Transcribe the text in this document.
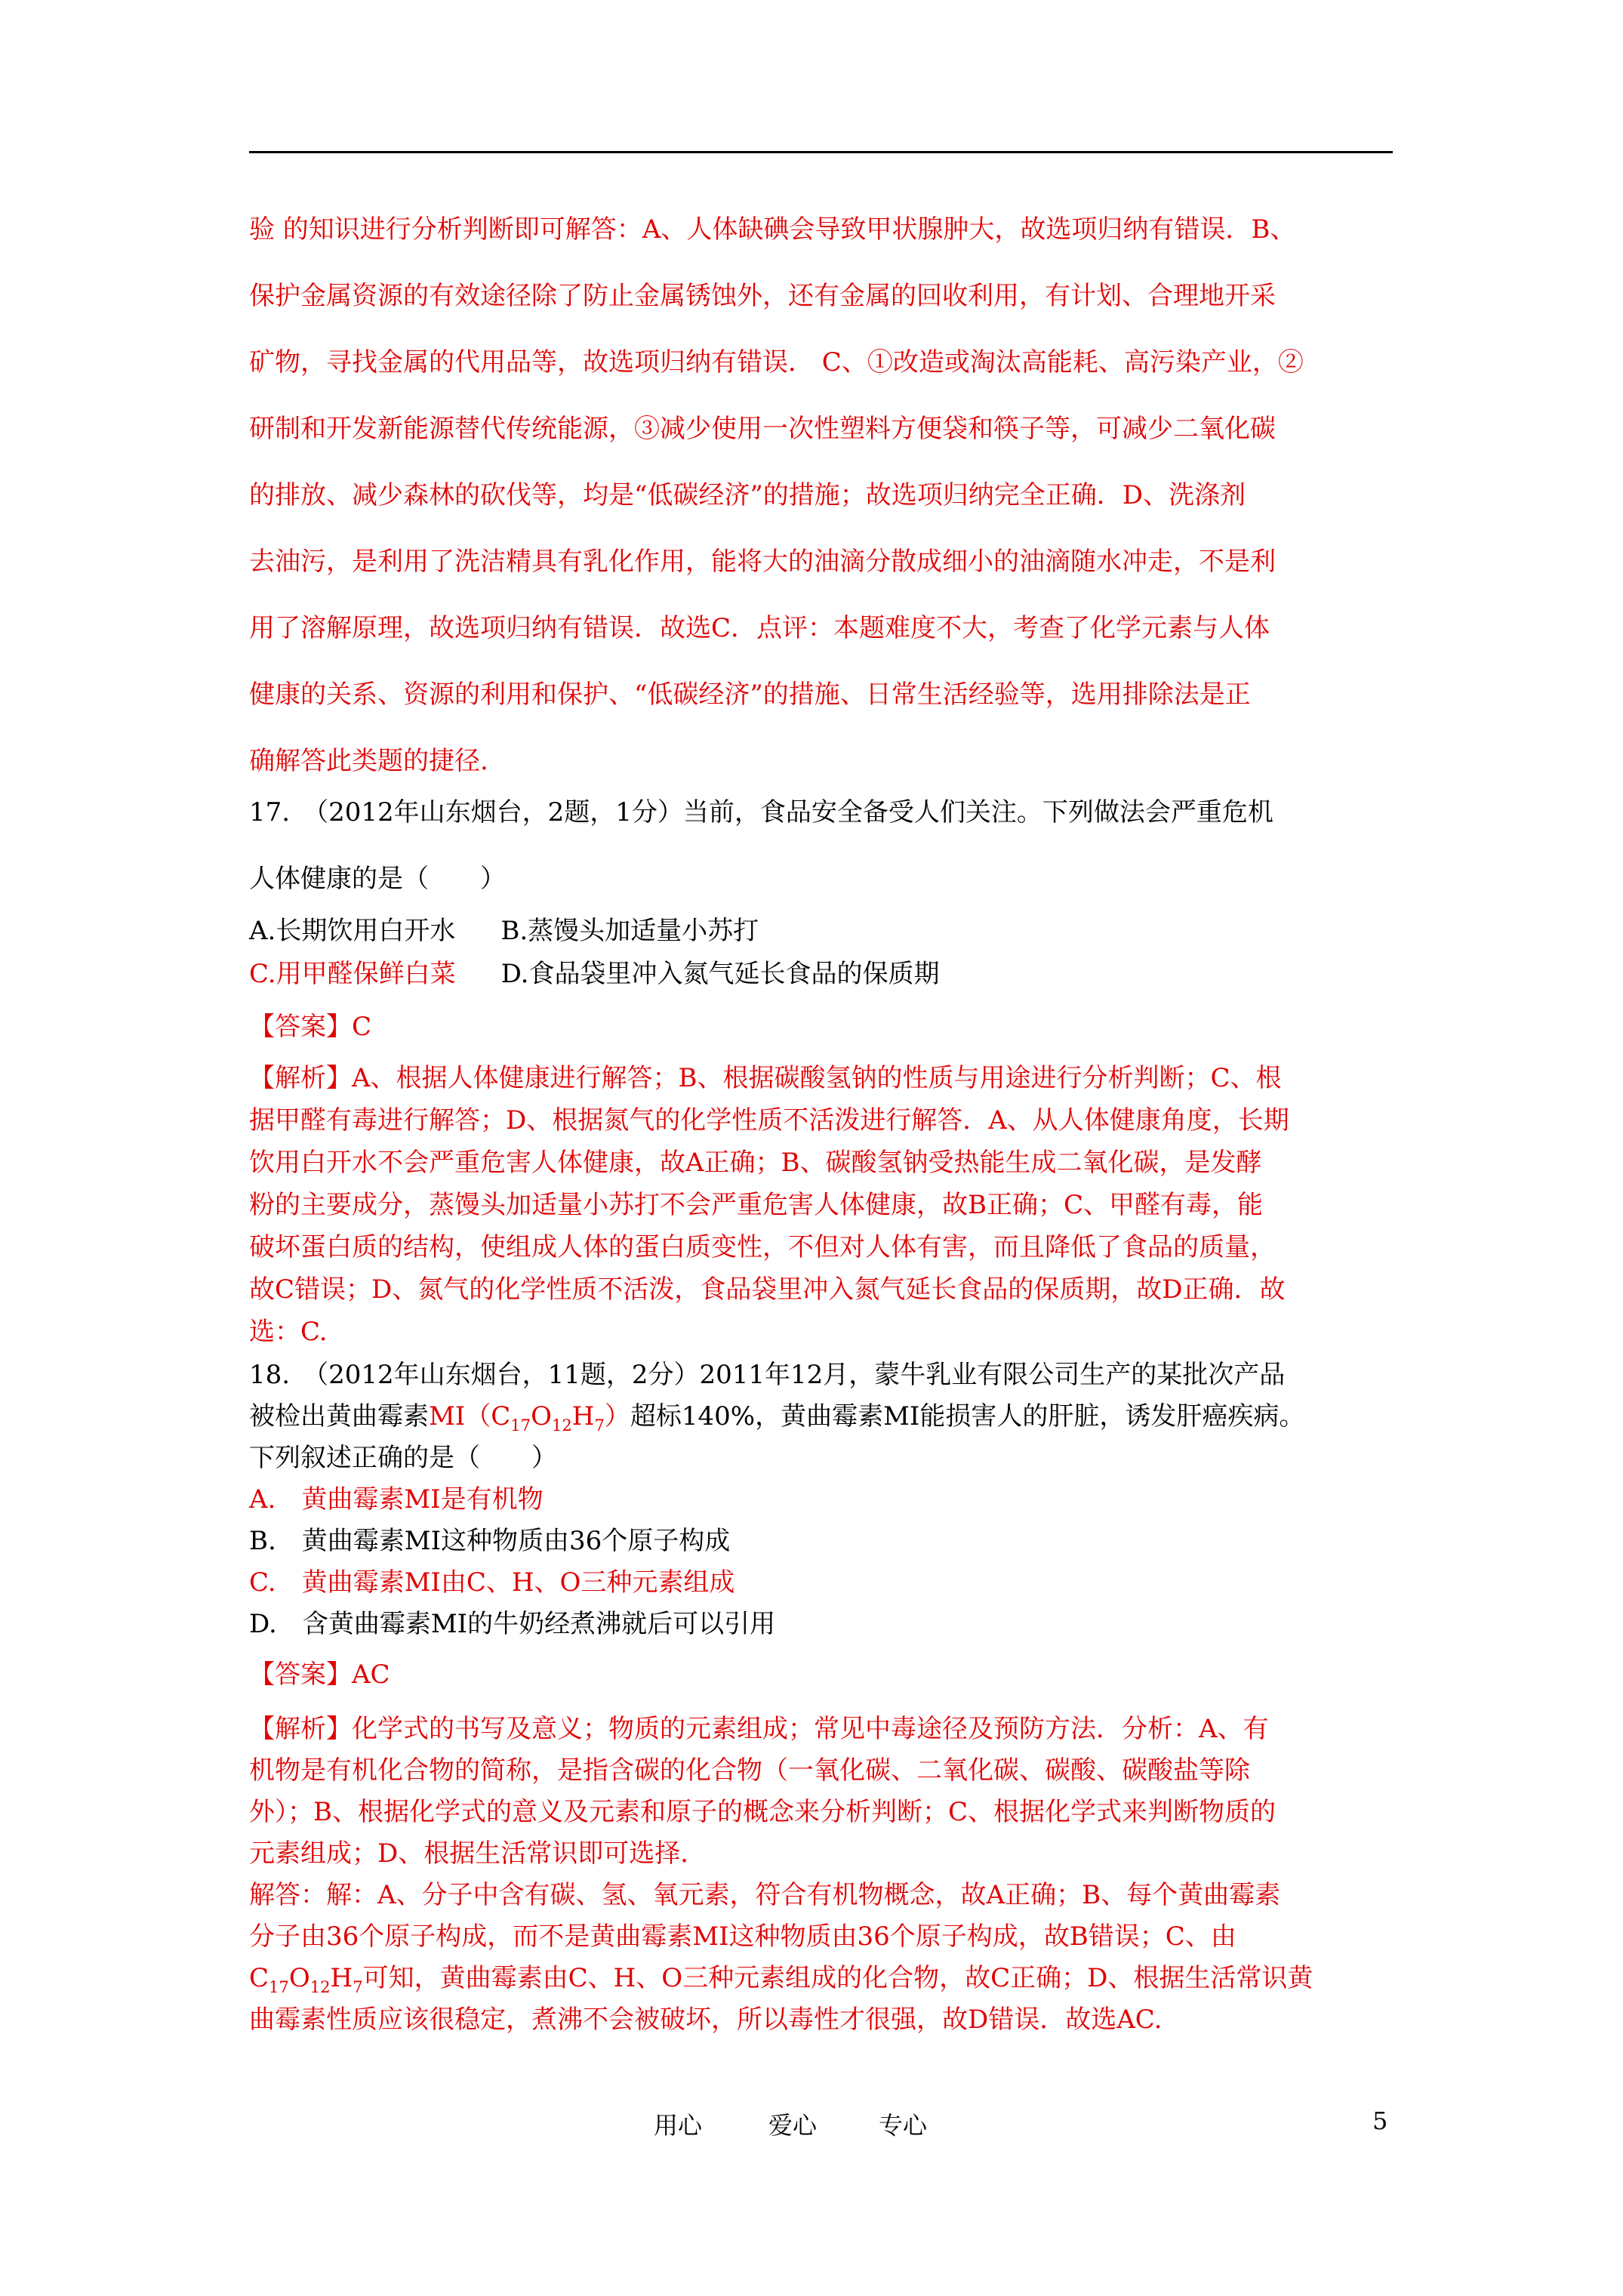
验 的知识进行分析判断即可解答：A、人体缺碘会导致甲状腺肿大，故选项归纳有错误．B、
保护金属资源的有效途径除了防止金属锈蚀外，还有金属的回收利用，有计划、合理地开采
矿物，寻找金属的代用品等，故选项归纳有错误． C、①改造或淘汰高能耗、高污染产业，②
研制和开发新能源替代传统能源，③减少使用一次性塑料方便袋和筷子等，可减少二氧化碳
的排放、减少森林的砍伐等，均是“低碳经济”的措施；故选项归纳完全正确．D、洗涤剂
去油污，是利用了洗洁精具有乳化作用，能将大的油滴分散成细小的油滴随水冲走，不是利
用了溶解原理，故选项归纳有错误．故选C．点评：本题难度不大，考查了化学元素与人体
健康的关系、资源的利用和保护、“低碳经济”的措施、日常生活经验等，选用排除法是正
确解答此类题的捷径.
17.　（2012年山东烟台，2题，1分）当前，食品安全备受人们关注。下列做法会严重危机
人体健康的是（　　）
A.长期饮用白开水 B.蒸馒头加适量小苏打
C.用甲醛保鲜白菜 D.食品袋里冲入氮气延长食品的保质期
【答案】C
【解析】A、根据人体健康进行解答；B、根据碳酸氢钠的性质与用途进行分析判断；C、根
据甲醛有毒进行解答；D、根据氮气的化学性质不活泼进行解答．A、从人体健康角度，长期
饮用白开水不会严重危害人体健康，故A正确；B、碳酸氢钠受热能生成二氧化碳，是发酵
粉的主要成分，蒸馒头加适量小苏打不会严重危害人体健康，故B正确；C、甲醛有毒，能
破坏蛋白质的结构，使组成人体的蛋白质变性，不但对人体有害，而且降低了食品的质量，
故C错误；D、氮气的化学性质不活泼，食品袋里冲入氮气延长食品的保质期，故D正确．故
选：C.
18.　（2012年山东烟台，11题，2分）2011年12月，蒙牛乳业有限公司生产的某批次产品
被检出黄曲霉素$MI(C_{17}O_{12}H_7)$超标140%，黄曲霉素MI能损害人的肝脏，诱发肝癌疾病。
下列叙述正确的是（　　）
A.　黄曲霉素MI是有机物
B.　黄曲霉素MI这种物质由36个原子构成
C.　黄曲霉素MI由C、H、O三种元素组成
D.　含黄曲霉素MI的牛奶经煮沸就后可以引用
【答案】AC
【解析】化学式的书写及意义；物质的元素组成；常见中毒途径及预防方法．分析：A、有
机物是有机化合物的简称，是指含碳的化合物（一氧化碳、二氧化碳、碳酸、碳酸盐等除
外）；B、根据化学式的意义及元素和原子的概念来分析判断；C、根据化学式来判断物质的
元素组成；D、根据生活常识即可选择．
解答：解：A、分子中含有碳、氢、氧元素，符合有机物概念，故A正确；B、每个黄曲霉素
分子由36个原子构成，而不是黄曲霉素MI这种物质由36个原子构成，故B错误；C、由
$C_{17}O_{12}H_7$可知，黄曲霉素由C、H、O三种元素组成的化合物，故C正确；D、根据生活常识黄
曲霉素性质应该很稳定，煮沸不会被破坏，所以毒性才很强，故D错误．故选AC.
用心	爱心	专心	5
